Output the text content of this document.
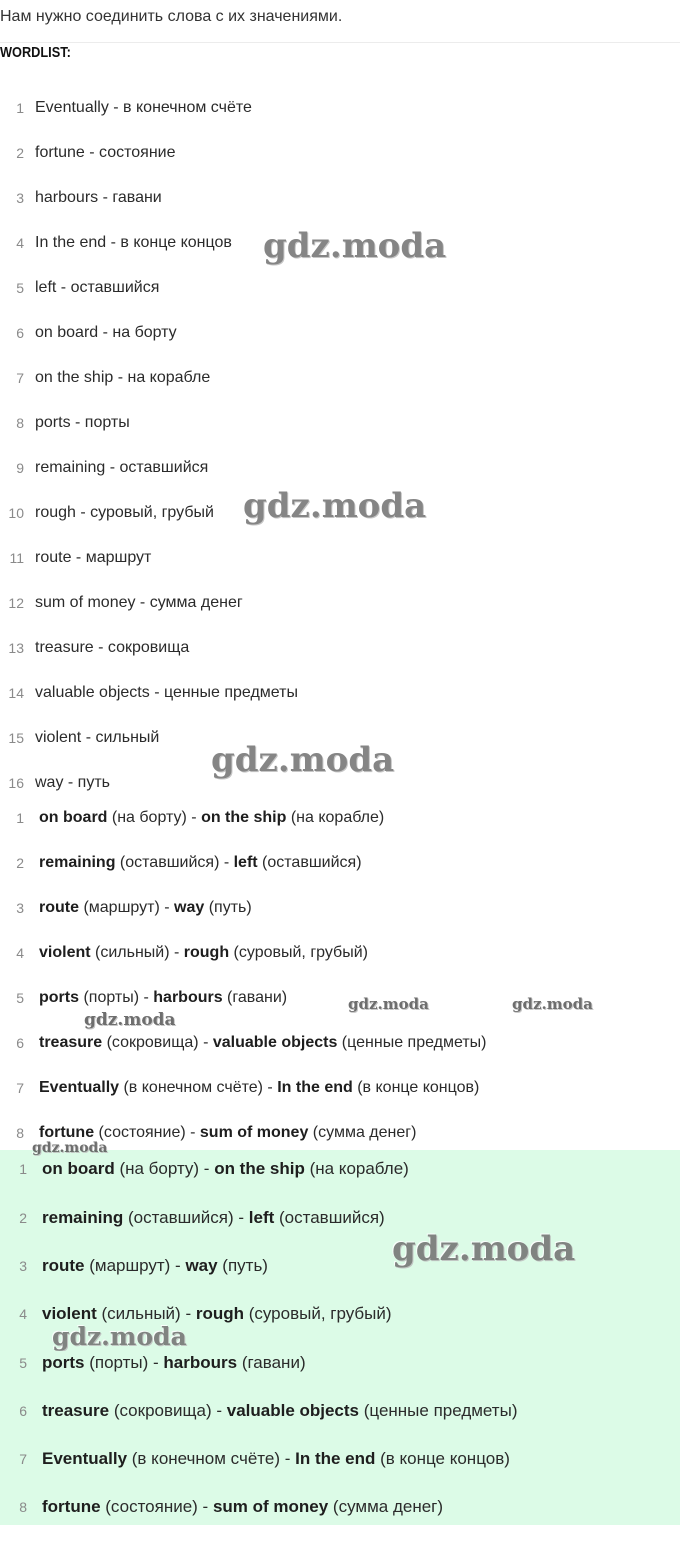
Нам нужно соединить слова с их значениями.
WORDLIST:
1 Eventually - в конечном счёте
2 fortune - состояние
3 harbours - гавани
4 In the end - в конце концов
5 left - оставшийся
6 on board - на борту
7 on the ship - на корабле
8 ports - порты
9 remaining - оставшийся
10 rough - суровый, грубый
11 route - маршрут
12 sum of money - сумма денег
13 treasure - сокровища
14 valuable objects - ценные предметы
15 violent - сильный
16 way - путь
1 on board (на борту) - on the ship (на корабле)
2 remaining (оставшийся) - left (оставшийся)
3 route (маршрут) - way (путь)
4 violent (сильный) - rough (суровый, грубый)
5 ports (порты) - harbours (гавани)
6 treasure (сокровища) - valuable objects (ценные предметы)
7 Eventually (в конечном счёте) - In the end (в конце концов)
8 fortune (состояние) - sum of money (сумма денег)
1 on board (на борту) - on the ship (на корабле)
2 remaining (оставшийся) - left (оставшийся)
3 route (маршрут) - way (путь)
4 violent (сильный) - rough (суровый, грубый)
5 ports (порты) - harbours (гавани)
6 treasure (сокровища) - valuable objects (ценные предметы)
7 Eventually (в конечном счёте) - In the end (в конце концов)
8 fortune (состояние) - sum of money (сумма денег)
gdz.moda
gdz.moda
gdz.moda
gdz.moda	gdz.moda
gdz.moda
gdz.moda
gdz.moda
gdz.moda
